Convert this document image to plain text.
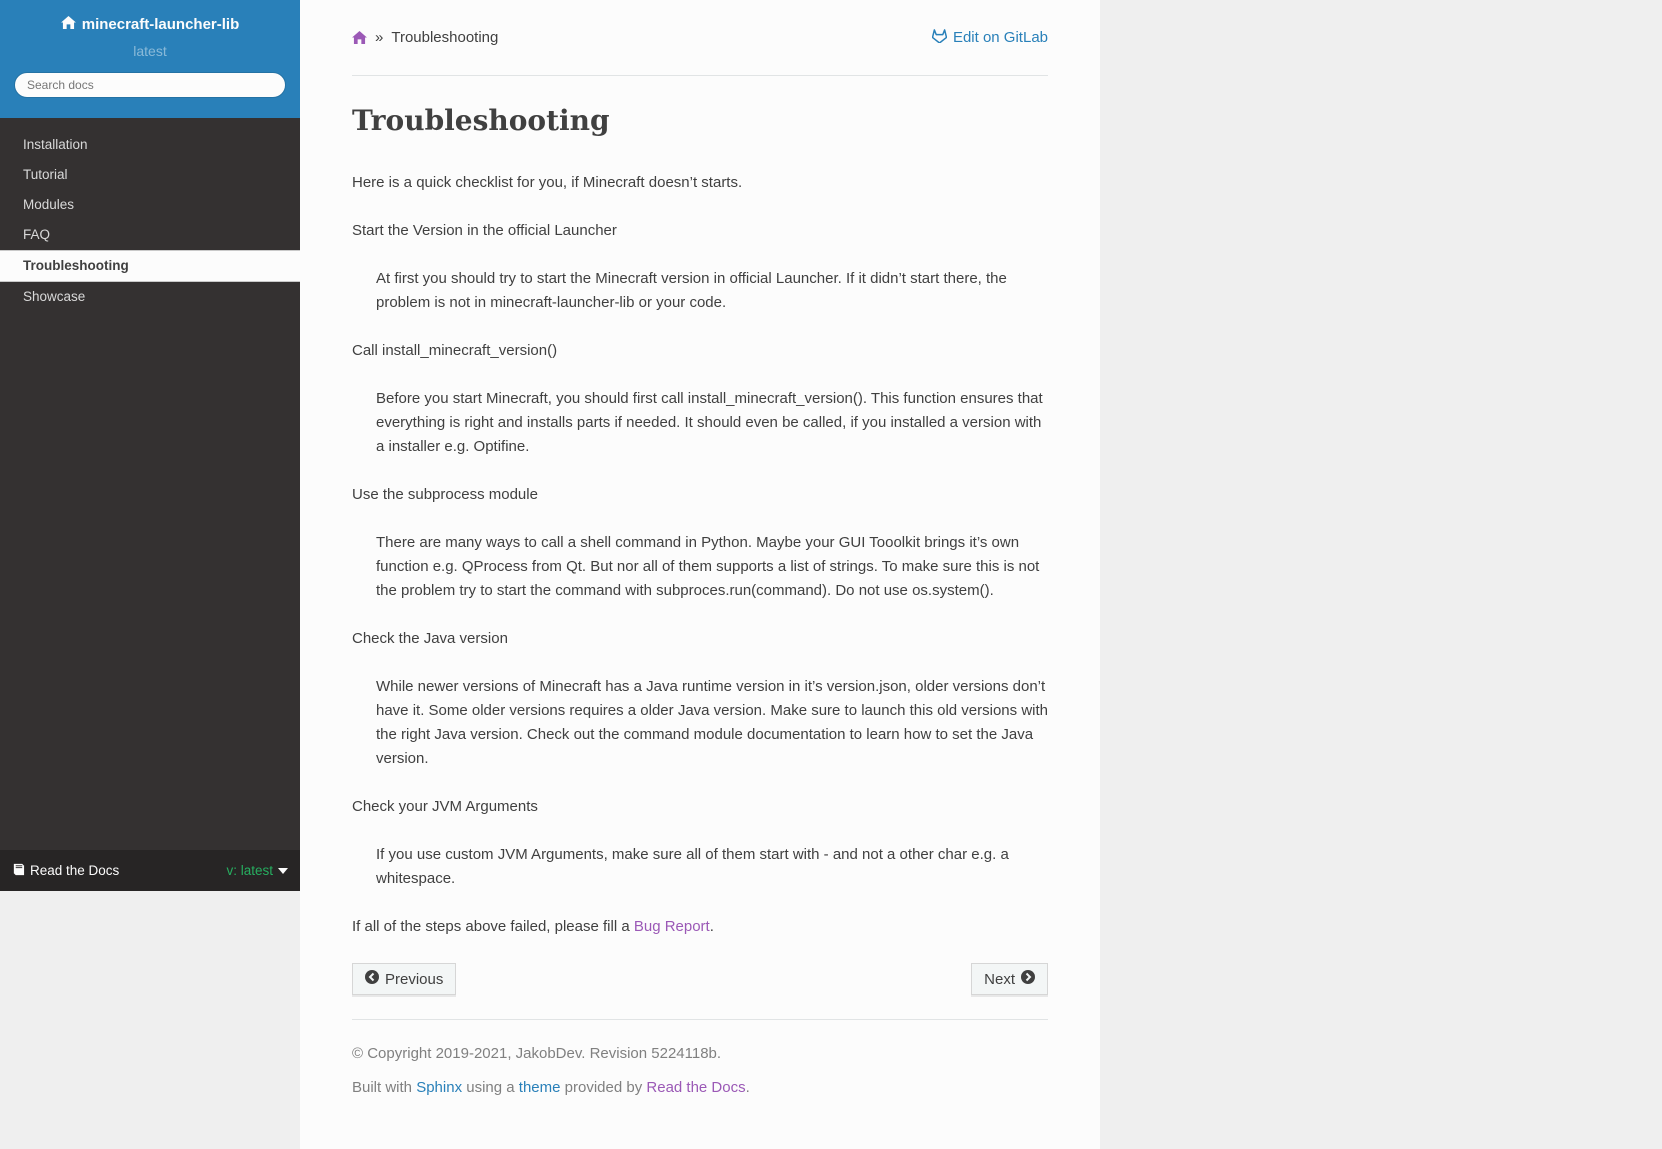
minecraft-launcher-lib
latest
Search docs
Installation
Tutorial
Modules
FAQ
Troubleshooting
Showcase
Read the Docs	v: latest
» Troubleshooting	Edit on GitLab
Troubleshooting

Here is a quick checklist for you, if Minecraft doesn’t starts.

Start the Version in the official Launcher
At first you should try to start the Minecraft version in official Launcher. If it didn’t start there, the problem is not in minecraft-launcher-lib or your code.
Call install_minecraft_version()
Before you start Minecraft, you should first call install_minecraft_version(). This function ensures that everything is right and installs parts if needed. It should even be called, if you installed a version with a installer e.g. Optifine.
Use the subprocess module
There are many ways to call a shell command in Python. Maybe your GUI Tooolkit brings it’s own function e.g. QProcess from Qt. But nor all of them supports a list of strings. To make sure this is not the problem try to start the command with subproces.run(command). Do not use os.system().
Check the Java version
While newer versions of Minecraft has a Java runtime version in it’s version.json, older versions don’t have it. Some older versions requires a older Java version. Make sure to launch this old versions with the right Java version. Check out the command module documentation to learn how to set the Java version.
Check your JVM Arguments
If you use custom JVM Arguments, make sure all of them start with - and not a other char e.g. a whitespace.

If all of the steps above failed, please fill a Bug Report.

Previous	Next
© Copyright 2019-2021, JakobDev. Revision 5224118b.
Built with Sphinx using a theme provided by Read the Docs.
